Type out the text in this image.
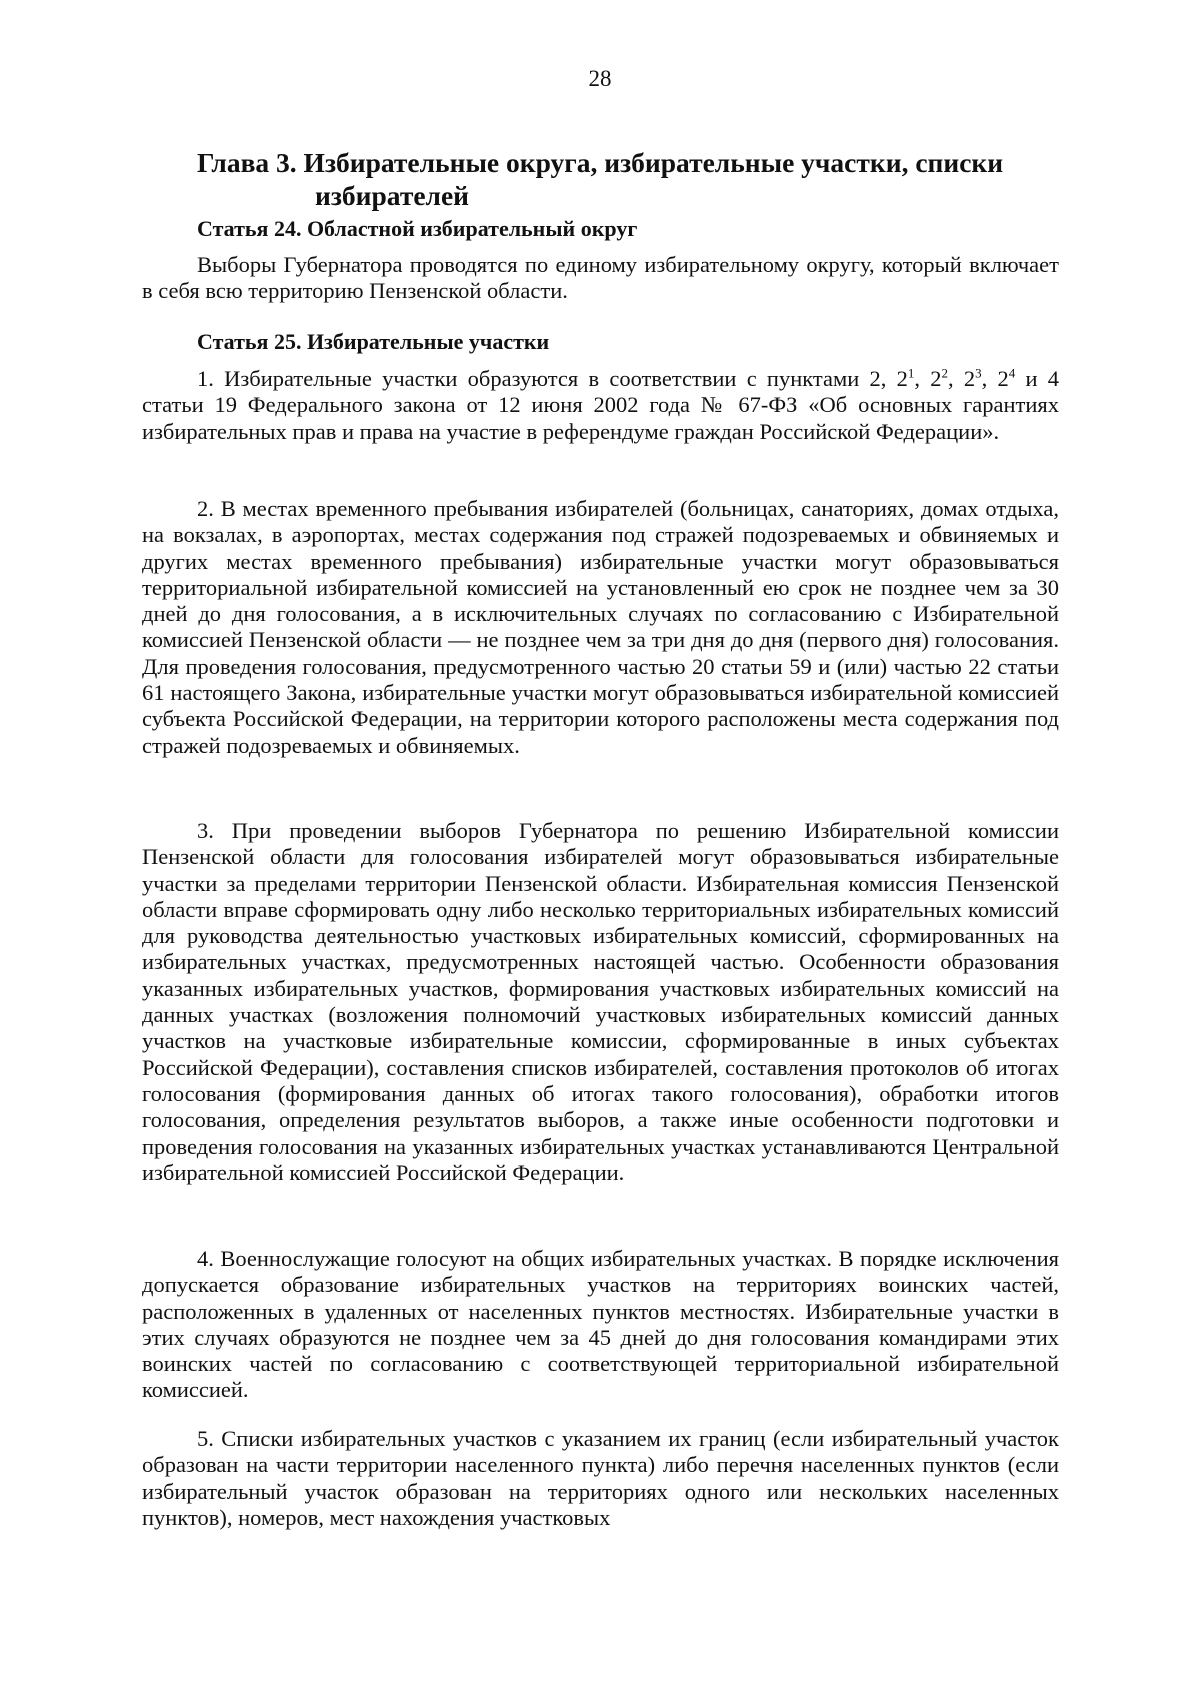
28
Глава 3. Избирательные округа, избирательные участки, списки
избирателей
Статья 24. Областной избирательный округ
Выборы Губернатора проводятся по единому избирательному округу, который включает в себя всю территорию Пензенской области.
Статья 25. Избирательные участки
1. Избирательные участки образуются в соответствии с пунктами 2, $2^1$, $2^2$, $2^3$, $2^4$ и 4 статьи 19 Федерального закона от 12 июня 2002 года № 67-ФЗ «Об основных гарантиях избирательных прав и права на участие в референдуме граждан Российской Федерации».
2. В местах временного пребывания избирателей (больницах, санаториях, домах отдыха, на вокзалах, в аэропортах, местах содержания под стражей подозреваемых и обвиняемых и других местах временного пребывания) избирательные участки могут образовываться территориальной избирательной комиссией на установленный ею срок не позднее чем за 30 дней до дня голосования, а в исключительных случаях по согласованию с Избирательной комиссией Пензенской области — не позднее чем за три дня до дня (первого дня) голосования. Для проведения голосования, предусмотренного частью 20 статьи 59 и (или) частью 22 статьи 61 настоящего Закона, избирательные участки могут образовываться избирательной комиссией субъекта Российской Федерации, на территории которого расположены места содержания под стражей подозреваемых и обвиняемых.
3. При проведении выборов Губернатора по решению Избирательной комиссии Пензенской области для голосования избирателей могут образовываться избирательные участки за пределами территории Пензенской области. Избирательная комиссия Пензенской области вправе сформировать одну либо несколько территориальных избирательных комиссий для руководства деятельностью участковых избирательных комиссий, сформированных на избирательных участках, предусмотренных настоящей частью. Особенности образования указанных избирательных участков, формирования участковых избирательных комиссий на данных участках (возложения полномочий участковых избирательных комиссий данных участков на участковые избирательные комиссии, сформированные в иных субъектах Российской Федерации), составления списков избирателей, составления протоколов об итогах голосования (формирования данных об итогах такого голосования), обработки итогов голосования, определения результатов выборов, а также иные особенности подготовки и проведения голосования на указанных избирательных участках устанавливаются Центральной избирательной комиссией Российской Федерации.
4. Военнослужащие голосуют на общих избирательных участках. В порядке исключения допускается образование избирательных участков на территориях воинских частей, расположенных в удаленных от населенных пунктов местностях. Избирательные участки в этих случаях образуются не позднее чем за 45 дней до дня голосования командирами этих воинских частей по согласованию с соответствующей территориальной избирательной комиссией.
5. Списки избирательных участков с указанием их границ (если избирательный участок образован на части территории населенного пункта) либо перечня населенных пунктов (если избирательный участок образован на территориях одного или нескольких населенных пунктов), номеров, мест нахождения участковых
